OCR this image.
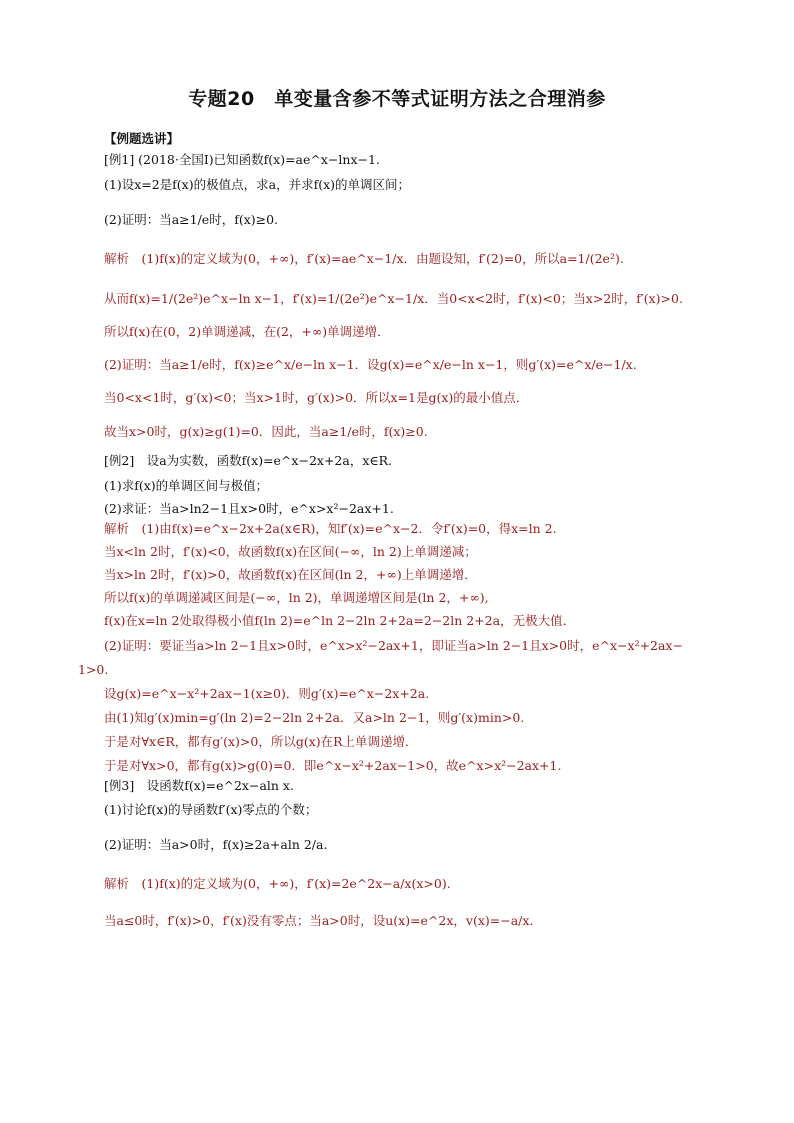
专题20　单变量含参不等式证明方法之合理消参
【例题选讲】
[例1] (2018·全国Ⅰ)已知函数f(x)=ae^x−lnx−1.
(1)设x=2是f(x)的极值点，求a，并求f(x)的单调区间；
(2)证明：当a≥1/e时，f(x)≥0.
解析　(1)f(x)的定义域为(0，+∞)，f′(x)=ae^x−1/x．由题设知，f′(2)=0，所以a=1/(2e²).
从而f(x)=1/(2e²)e^x−ln x−1，f′(x)=1/(2e²)e^x−1/x．当0<x<2时，f′(x)<0；当x>2时，f′(x)>0.
所以f(x)在(0，2)单调递减，在(2，+∞)单调递增．
(2)证明：当a≥1/e时，f(x)≥e^x/e−ln x−1．设g(x)=e^x/e−ln x−1，则g′(x)=e^x/e−1/x.
当0<x<1时，g′(x)<0；当x>1时，g′(x)>0．所以x=1是g(x)的最小值点．
故当x>0时，g(x)≥g(1)=0．因此，当a≥1/e时，f(x)≥0.
[例2]　设a为实数，函数f(x)=e^x−2x+2a，x∈R.
(1)求f(x)的单调区间与极值；
(2)求证：当a>ln2−1且x>0时，e^x>x²−2ax+1.
解析　(1)由f(x)=e^x−2x+2a(x∈R)，知f′(x)=e^x−2．令f′(x)=0，得x=ln 2.
当x<ln 2时，f′(x)<0，故函数f(x)在区间(−∞，ln 2)上单调递减；
当x>ln 2时，f′(x)>0，故函数f(x)在区间(ln 2，+∞)上单调递增．
所以f(x)的单调递减区间是(−∞，ln 2)，单调递增区间是(ln 2，+∞),
f(x)在x=ln 2处取得极小值f(ln 2)=e^ln 2−2ln 2+2a=2−2ln 2+2a，无极大值．
(2)证明：要证当a>ln 2−1且x>0时，e^x>x²−2ax+1，即证当a>ln 2−1且x>0时，e^x−x²+2ax−
1>0.
设g(x)=e^x−x²+2ax−1(x≥0)．则g′(x)=e^x−2x+2a.
由(1)知g′(x)min=g′(ln 2)=2−2ln 2+2a．又a>ln 2−1，则g′(x)min>0.
于是对∀x∈R，都有g′(x)>0，所以g(x)在R上单调递增．
于是对∀x>0，都有g(x)>g(0)=0．即e^x−x²+2ax−1>0，故e^x>x²−2ax+1.
[例3]　设函数f(x)=e^2x−aln x.
(1)讨论f(x)的导函数f′(x)零点的个数；
(2)证明：当a>0时，f(x)≥2a+aln 2/a.
解析　(1)f(x)的定义域为(0，+∞)，f′(x)=2e^2x−a/x(x>0).
当a≤0时，f′(x)>0，f′(x)没有零点；当a>0时，设u(x)=e^2x，v(x)=−a/x.
